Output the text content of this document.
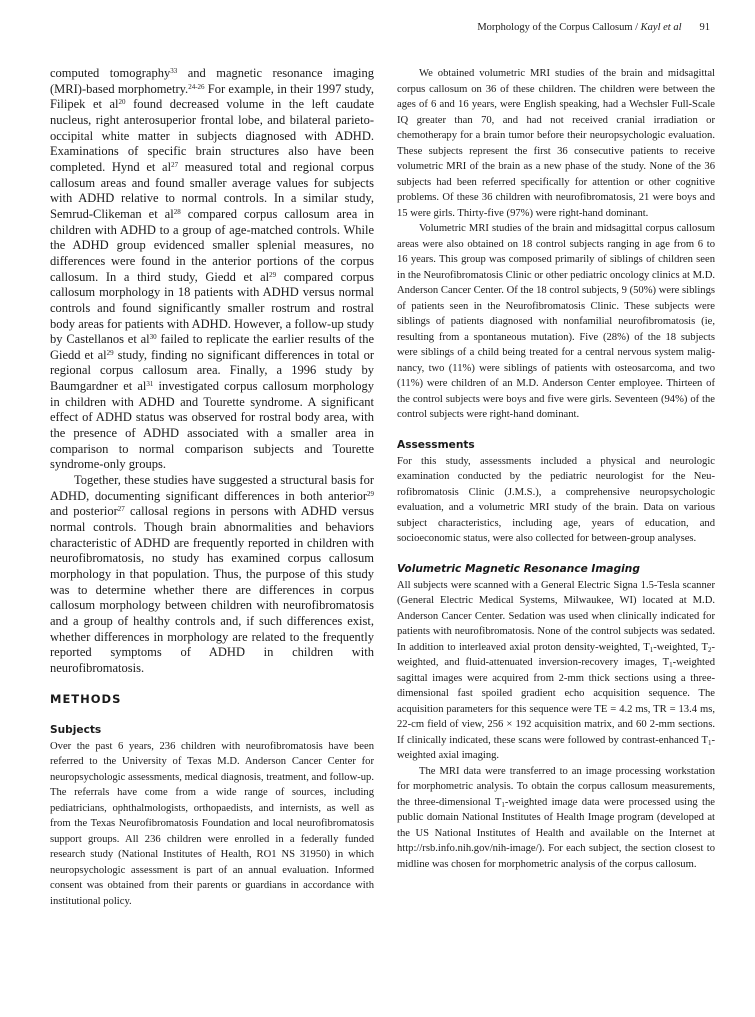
Morphology of the Corpus Callosum / Kayl et al 91

computed tomography$^{33}$ and magnetic resonance imaging (MRI)-based morphometry.$^{24-26}$ For example, in their 1997 study, Filipek et $al^{20}$ found decreased volume in the left caudate nucleus, right anterosuperior frontal lobe, and bilateral parieto-occipital white matter in subjects diagnosed with ADHD. Examinations of specific brain structures also have been completed. Hynd et $al^{27}$ measured total and regional corpus callosum areas and found smaller average values for subjects with ADHD relative to normal controls. In a similar study, Semrud-Clikeman et $al^{28}$ compared corpus callosum area in children with ADHD to a group of age-matched controls. While the ADHD group evidenced smaller splenial measures, no differences were found in the anterior portions of the corpus callosum. In a third study, Giedd et $al^{29}$ compared corpus callosum morphology in 18 patients with ADHD versus normal controls and found significantly smaller rostrum and rostral body areas for patients with ADHD. However, a follow-up study by Castellanos et $al^{30}$ failed to replicate the earlier results of the Giedd et $al^{29}$ study, finding no significant differences in total or regional corpus callosum area. Finally, a 1996 study by Baumgardner et $al^{31}$ investigated corpus callosum morphology in children with ADHD and Tourette syndrome. A significant effect of ADHD status was observed for rostral body area, with the presence of ADHD associated with a smaller area in comparison to normal comparison subjects and Tourette syndrome-only groups.

Together, these studies have suggested a structural basis for ADHD, documenting significant differences in both anterior$^{29}$ and posterior$^{27}$ callosal regions in persons with ADHD versus normal controls. Though brain abnormalities and behaviors characteristic of ADHD are frequently reported in children with neurofibromatosis, no study has examined corpus callosum morphology in that population. Thus, the purpose of this study was to determine whether there are differences in corpus callosum morphology between children with neurofibromatosis and a group of healthy controls and, if such differences exist, whether differences in morphology are related to the frequently reported symptoms of ADHD in children with neurofibromatosis.

METHODS
Subjects

Over the past 6 years, 236 children with neurofibromatosis have been referred to the University of Texas M.D. Anderson Cancer Center for neuropsychologic assessments, medical diagnosis, treatment, and follow-up. The referrals have come from a wide range of sources, including pediatricians, ophthalmologists, orthopaedists, and internists, as well as from the Texas Neurofibromatosis Foundation and local neurofibromatosis support groups. All 236 children were enrolled in a federally funded research study (National Institutes of Health, RO1 NS 31950) in which neuropsychologic assessment is part of an annual evaluation. Informed consent was obtained from their parents or guardians in accordance with institutional policy.

We obtained volumetric MRI studies of the brain and midsagittal corpus callosum on 36 of these children. The children were between the ages of 6 and 16 years, were English speaking, had a Wechsler Full-Scale IQ greater than 70, and had not received cranial irradiation or chemotherapy for a brain tumor before their neuropsychologic evaluation. These subjects represent the first 36 consecutive patients to receive volumetric MRI of the brain as a new phase of the study. None of the 36 subjects had been referred specifically for attention or other cognitive problems. Of these 36 children with neurofibromatosis, 21 were boys and 15 were girls. Thirty-five (97%) were right-hand dominant.

Volumetric MRI studies of the brain and midsagittal corpus callosum areas were also obtained on 18 control subjects ranging in age from 6 to 16 years. This group was composed primarily of siblings of children seen in the Neurofibromatosis Clinic or other pediatric oncology clinics at M.D. Anderson Cancer Center. Of the 18 control subjects, 9 (50%) were siblings of patients seen in the Neurofibromatosis Clinic. These subjects were siblings of patients diagnosed with nonfamilial neurofibromatosis (ie, resulting from a spontaneous mutation). Five (28%) of the 18 subjects were siblings of a child being treated for a central nervous system malignancy, two (11%) were siblings of patients with osteosarcoma, and two (11%) were children of an M.D. Anderson Center employee. Thirteen of the control subjects were boys and five were girls. Seventeen (94%) of the control subjects were right-hand dominant.

Assessments

For this study, assessments included a physical and neurologic examination conducted by the pediatric neurologist for the Neurofibromatosis Clinic (J.M.S.), a comprehensive neuropsychologic evaluation, and a volumetric MRI study of the brain. Data on various subject characteristics, including age, years of education, and socioeconomic status, were also collected for between-group analyses.

Volumetric Magnetic Resonance Imaging

All subjects were scanned with a General Electric Signa 1.5-Tesla scanner (General Electric Medical Systems, Milwaukee, WI) located at M.D. Anderson Cancer Center. Sedation was used when clinically indicated for patients with neurofibromatosis. None of the control subjects was sedated. In addition to interleaved axial proton density-weighted, $T_1$-weighted, $T_2$-weighted, and fluid-attenuated inversion-recovery images, $T_1$-weighted sagittal images were acquired from 2-mm thick sections using a three-dimensional fast spoiled gradient echo acquisition sequence. The acquisition parameters for this sequence were TE = 4.2 ms, TR = 13.4 ms, 22-cm field of view, 256 × 192 acquisition matrix, and 60 2-mm sections. If clinically indicated, these scans were followed by contrast-enhanced $T_1$-weighted axial imaging.

The MRI data were transferred to an image processing workstation for morphometric analysis. To obtain the corpus callosum measurements, the three-dimensional $T_1$-weighted image data were processed using the public domain National Institutes of Health Image program (developed at the US National Institutes of Health and available on the Internet at http://rsb.info.nih.gov/nih-image/). For each subject, the section closest to midline was chosen for morphometric analysis of the corpus callosum.
